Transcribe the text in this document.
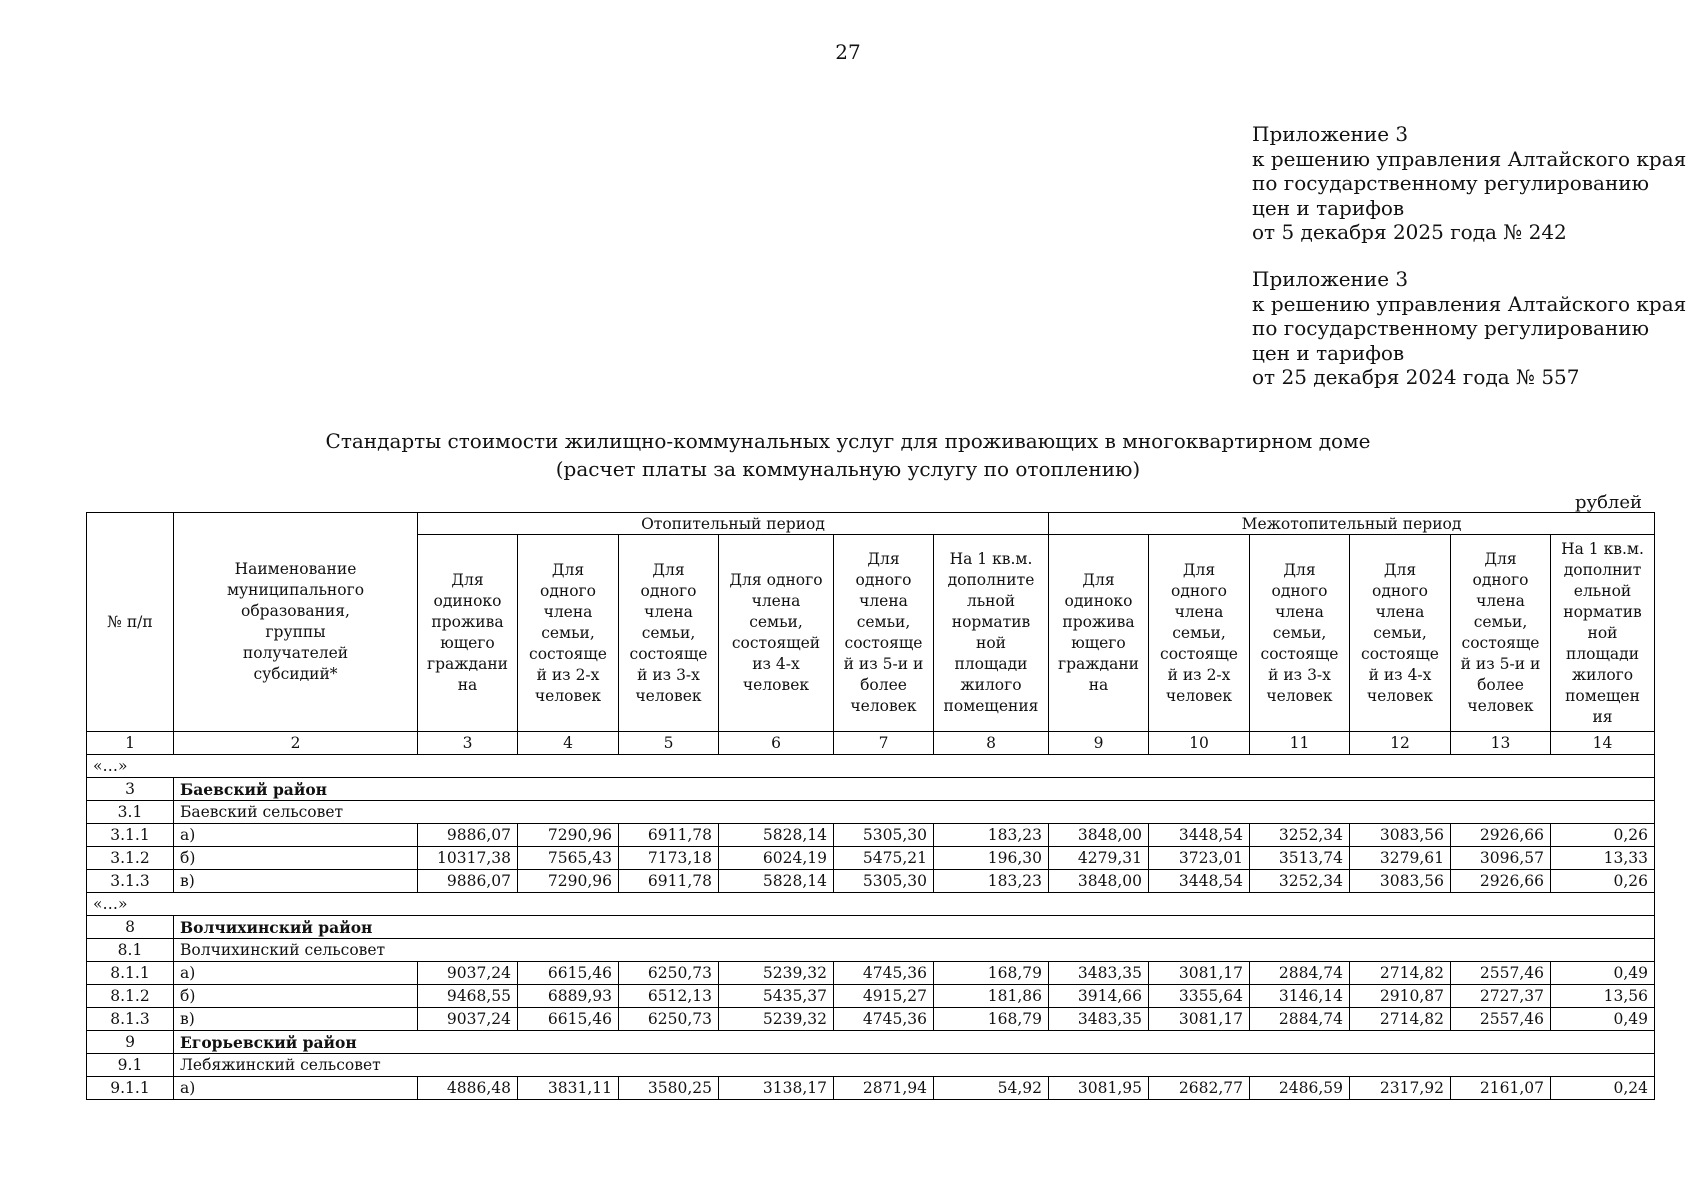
27
Приложение 3
к решению управления Алтайского края
по государственному регулированию
цен и тарифов
от 5 декабря 2025 года № 242
Приложение 3
к решению управления Алтайского края
по государственному регулированию
цен и тарифов
от 25 декабря 2024 года № 557
Стандарты стоимости жилищно-коммунальных услуг для проживающих в многоквартирном доме
(расчет платы за коммунальную услугу по отоплению)
рублей
№ п/п	Наименование муниципального образования, группы получателей субсидий*	Отопительный период						Межотопительный период					
		Для одиноко прожива ющего граждани на	Для одного члена семьи, состояще й из 2-х человек	Для одного члена семьи, состояще й из 3-х человек	Для одного члена семьи, состоящей из 4-х человек	Для одного члена семьи, состояще й из 5-и и более человек	На 1 кв.м. дополните льной норматив ной площади жилого помещения	Для одиноко прожива ющего граждани на	Для одного члена семьи, состояще й из 2-х человек	Для одного члена семьи, состояще й из 3-х человек	Для одного члена семьи, состояще й из 4-х человек	Для одного члена семьи, состояще й из 5-и и более человек	На 1 кв.м. дополнит ельной норматив ной площади жилого помещен ия
1	2	3	4	5	6	7	8	9	10	11	12	13	14
«…»													
3	Баевский район												
3.1	Баевский сельсовет												
3.1.1	а)	9886,07	7290,96	6911,78	5828,14	5305,30	183,23	3848,00	3448,54	3252,34	3083,56	2926,66	0,26
3.1.2	б)	10317,38	7565,43	7173,18	6024,19	5475,21	196,30	4279,31	3723,01	3513,74	3279,61	3096,57	13,33
3.1.3	в)	9886,07	7290,96	6911,78	5828,14	5305,30	183,23	3848,00	3448,54	3252,34	3083,56	2926,66	0,26
«…»													
8	Волчихинский район												
8.1	Волчихинский сельсовет												
8.1.1	а)	9037,24	6615,46	6250,73	5239,32	4745,36	168,79	3483,35	3081,17	2884,74	2714,82	2557,46	0,49
8.1.2	б)	9468,55	6889,93	6512,13	5435,37	4915,27	181,86	3914,66	3355,64	3146,14	2910,87	2727,37	13,56
8.1.3	в)	9037,24	6615,46	6250,73	5239,32	4745,36	168,79	3483,35	3081,17	2884,74	2714,82	2557,46	0,49
9	Егорьевский район												
9.1	Лебяжинский сельсовет												
9.1.1	а)	4886,48	3831,11	3580,25	3138,17	2871,94	54,92	3081,95	2682,77	2486,59	2317,92	2161,07	0,24
